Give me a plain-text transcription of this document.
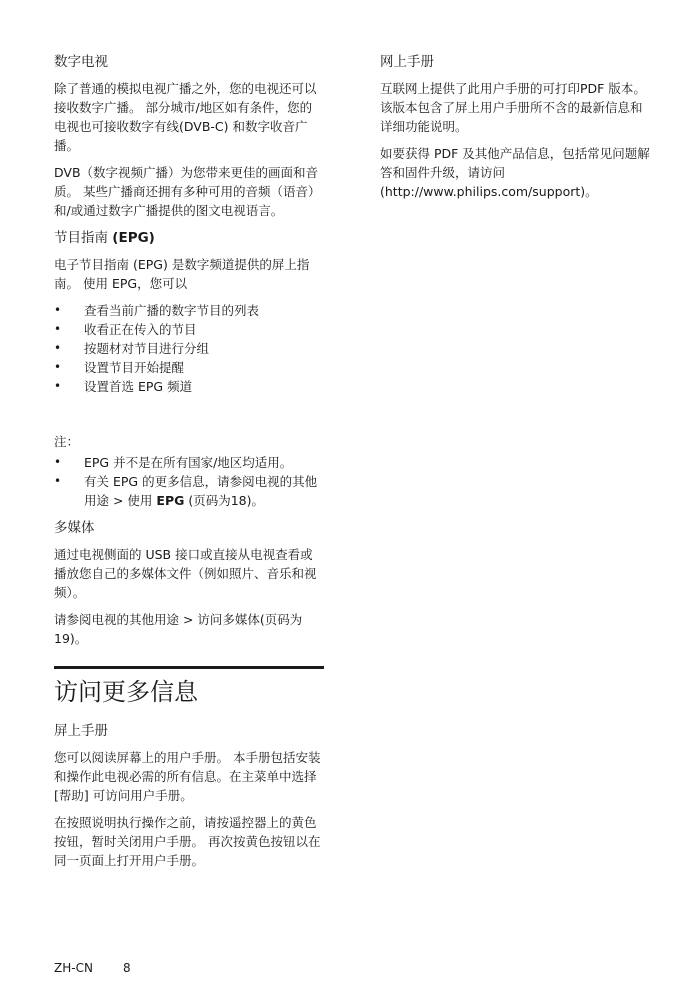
数字电视

除了普通的模拟电视广播之外，您的电视还可以接收数字广播。 部分城市/地区如有条件，您的电视也可接收数字有线(DVB-C) 和数字收音广播。

DVB（数字视频广播）为您带来更佳的画面和音质。 某些广播商还拥有多种可用的音频（语音）和/或通过数字广播提供的图文电视语言。

节目指南 (EPG)

电子节目指南 (EPG) 是数字频道提供的屏上指南。 使用 EPG，您可以

• 查看当前广播的数字节目的列表
• 收看正在传入的节目
• 按题材对节目进行分组
• 设置节目开始提醒
• 设置首选 EPG 频道
注：
• EPG 并不是在所有国家/地区均适用。
• 有关 EPG 的更多信息，请参阅电视的其他用途 > 使用 EPG (页码为18)。
多媒体

通过电视侧面的 USB 接口或直接从电视查看或播放您自己的多媒体文件（例如照片、音乐和视频）。

请参阅电视的其他用途 > 访问多媒体(页码为19)。

访问更多信息
屏上手册

您可以阅读屏幕上的用户手册。 本手册包括安装和操作此电视必需的所有信息。在主菜单中选择 [帮助] 可访问用户手册。

在按照说明执行操作之前，请按遥控器上的黄色按钮，暂时关闭用户手册。 再次按黄色按钮以在同一页面上打开用户手册。

网上手册

互联网上提供了此用户手册的可打印PDF 版本。 该版本包含了屏上用户手册所不含的最新信息和详细功能说明。

如要获得 PDF 及其他产品信息，包括常见问题解答和固件升级，请访问(http://www.philips.com/support)。

ZH-CN	8
